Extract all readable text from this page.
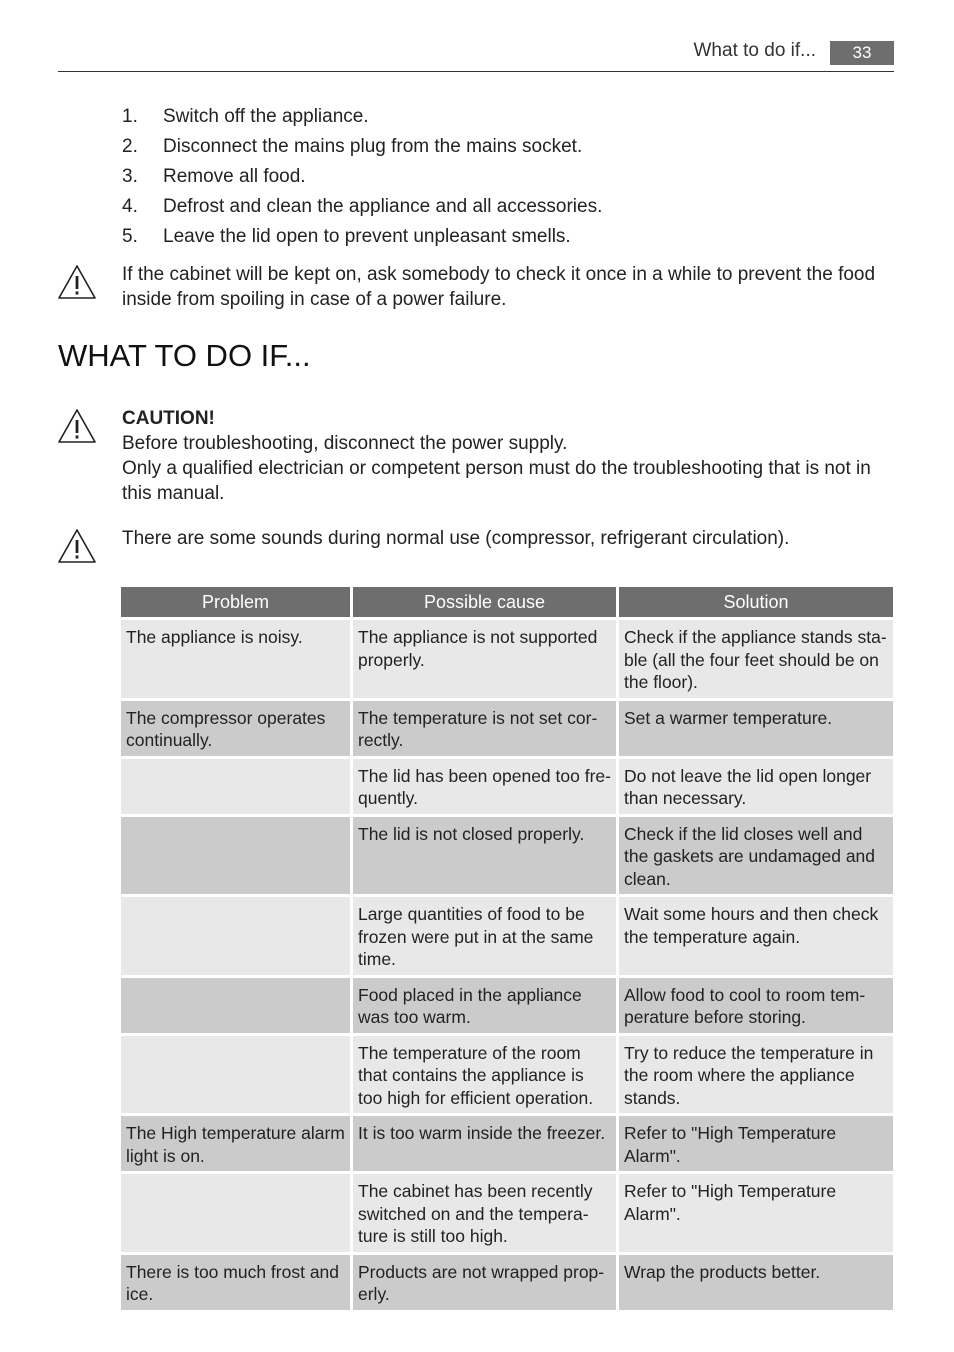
What to do if...	33
1. Switch off the appliance.
2. Disconnect the mains plug from the mains socket.
3. Remove all food.
4. Defrost and clean the appliance and all accessories.
5. Leave the lid open to prevent unpleasant smells.
If the cabinet will be kept on, ask somebody to check it once in a while to prevent the food inside from spoiling in case of a power failure.
WHAT TO DO IF...
CAUTION!
Before troubleshooting, disconnect the power supply.
Only a qualified electrician or competent person must do the troubleshooting that is not in this manual.
There are some sounds during normal use (compressor, refrigerant circulation).
Problem	Possible cause	Solution
The appliance is noisy.	The appliance is not supported properly.	Check if the appliance stands sta-ble (all the four feet should be on the floor).
The compressor operates continually.	The temperature is not set cor-rectly.	Set a warmer temperature.
	The lid has been opened too fre-quently.	Do not leave the lid open longer than necessary.
	The lid is not closed properly.	Check if the lid closes well and the gaskets are undamaged and clean.
	Large quantities of food to be frozen were put in at the same time.	Wait some hours and then check the temperature again.
	Food placed in the appliance was too warm.	Allow food to cool to room tem-perature before storing.
	The temperature of the room that contains the appliance is too high for efficient operation.	Try to reduce the temperature in the room where the appliance stands.
The High temperature alarm light is on.	It is too warm inside the freezer.	Refer to "High Temperature Alarm".
	The cabinet has been recently switched on and the tempera-ture is still too high.	Refer to "High Temperature Alarm".
There is too much frost and ice.	Products are not wrapped prop-erly.	Wrap the products better.
